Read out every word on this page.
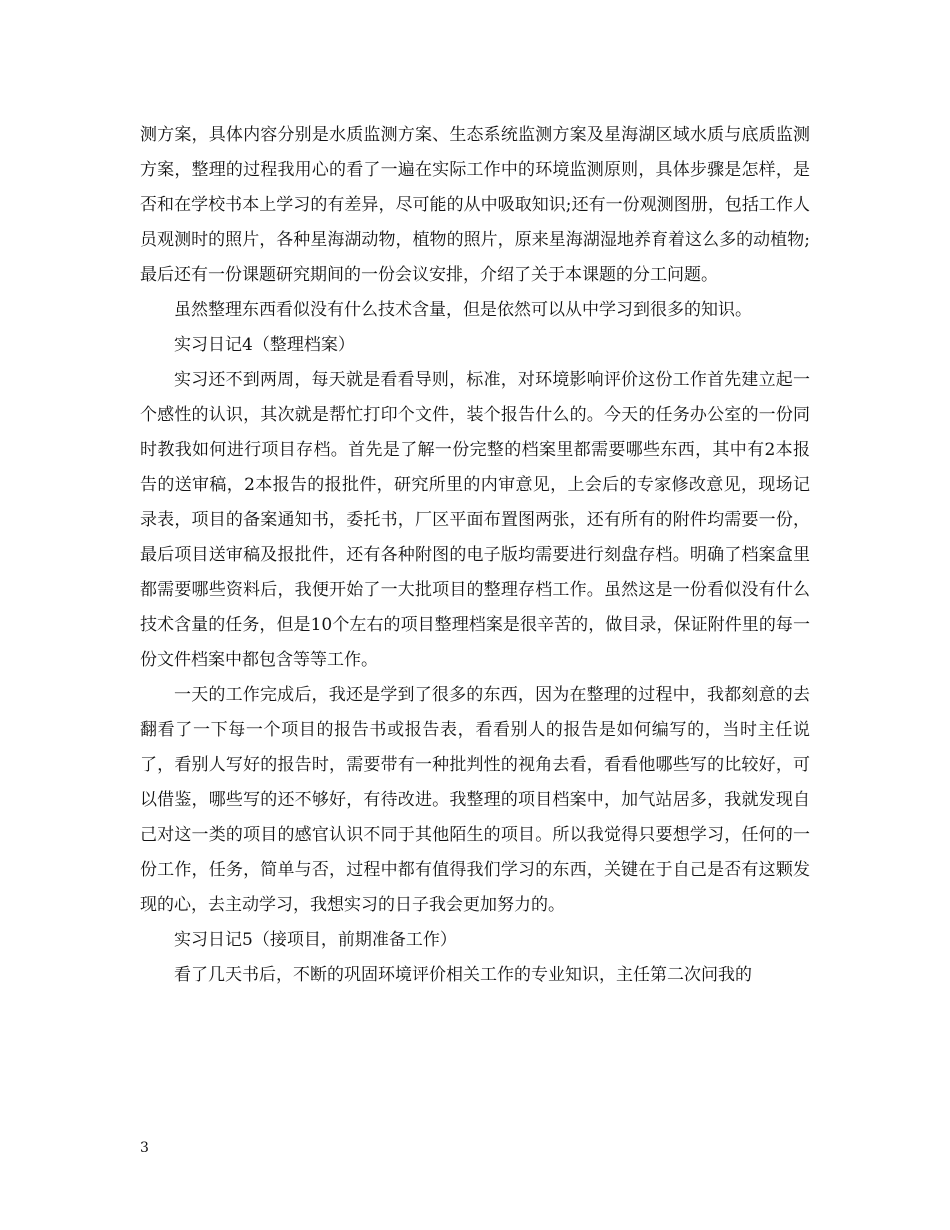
测方案，具体内容分别是水质监测方案、生态系统监测方案及星海湖区域水质与底质监测方案，整理的过程我用心的看了一遍在实际工作中的环境监测原则，具体步骤是怎样，是否和在学校书本上学习的有差异，尽可能的从中吸取知识;还有一份观测图册，包括工作人员观测时的照片，各种星海湖动物，植物的照片，原来星海湖湿地养育着这么多的动植物;最后还有一份课题研究期间的一份会议安排，介绍了关于本课题的分工问题。

虽然整理东西看似没有什么技术含量，但是依然可以从中学习到很多的知识。

实习日记4（整理档案）

实习还不到两周，每天就是看看导则，标准，对环境影响评价这份工作首先建立起一个感性的认识，其次就是帮忙打印个文件，装个报告什么的。今天的任务办公室的一份同时教我如何进行项目存档。首先是了解一份完整的档案里都需要哪些东西，其中有2本报告的送审稿，2本报告的报批件，研究所里的内审意见，上会后的专家修改意见，现场记录表，项目的备案通知书，委托书，厂区平面布置图两张，还有所有的附件均需要一份，最后项目送审稿及报批件，还有各种附图的电子版均需要进行刻盘存档。明确了档案盒里都需要哪些资料后，我便开始了一大批项目的整理存档工作。虽然这是一份看似没有什么技术含量的任务，但是10个左右的项目整理档案是很辛苦的，做目录，保证附件里的每一份文件档案中都包含等等工作。

一天的工作完成后，我还是学到了很多的东西，因为在整理的过程中，我都刻意的去翻看了一下每一个项目的报告书或报告表，看看别人的报告是如何编写的，当时主任说了，看别人写好的报告时，需要带有一种批判性的视角去看，看看他哪些写的比较好，可以借鉴，哪些写的还不够好，有待改进。我整理的项目档案中，加气站居多，我就发现自己对这一类的项目的感官认识不同于其他陌生的项目。所以我觉得只要想学习，任何的一份工作，任务，简单与否，过程中都有值得我们学习的东西，关键在于自己是否有这颗发现的心，去主动学习，我想实习的日子我会更加努力的。

实习日记5（接项目，前期准备工作）

看了几天书后，不断的巩固环境评价相关工作的专业知识，主任第二次问我的

3
